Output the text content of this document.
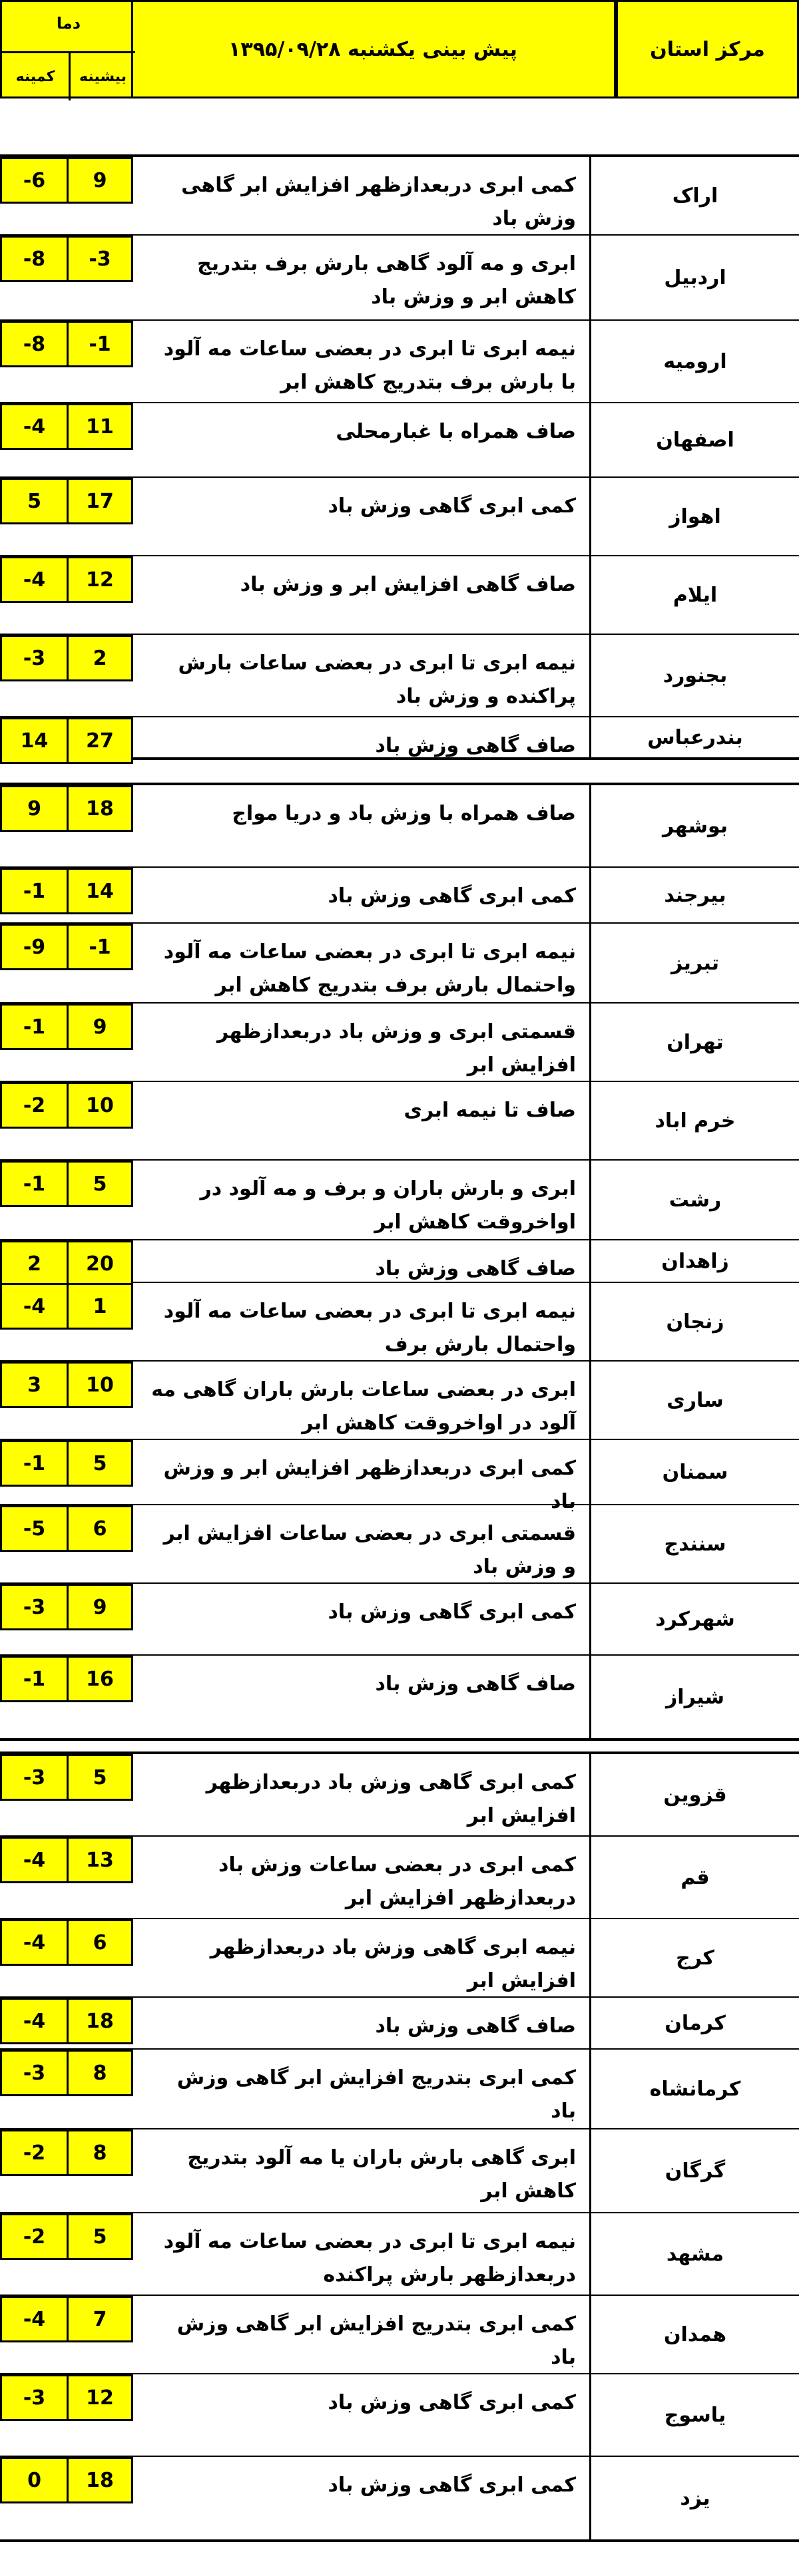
مرکز استان
پیش بینی یکشنبه ۱۳۹۵/۰۹/۲۸
دما
بیشینه
کمینه
اراک
کمی ابری دربعدازظهر افزایش ابر گاهی وزش باد
9
-6
اردبیل
ابری و مه آلود گاهی بارش برف بتدریج کاهش ابر و وزش باد
-3
-8
ارومیه
نیمه ابری تا ابری در بعضی ساعات مه آلود با بارش برف بتدریج کاهش ابر
-1
-8
اصفهان
صاف همراه با غبارمحلی
11
-4
اهواز
کمی ابری گاهی وزش باد
17
5
ایلام
صاف گاهی افزایش ابر و وزش باد
12
-4
بجنورد
نیمه ابری تا ابری در بعضی ساعات بارش پراکنده و وزش باد
2
-3
بندرعباس
صاف گاهی وزش باد
27
14
بوشهر
صاف همراه با وزش باد و دریا مواج
18
9
بیرجند
کمی ابری گاهی وزش باد
14
-1
تبریز
نیمه ابری تا ابری در بعضی ساعات مه آلود واحتمال بارش برف بتدریج کاهش ابر
-1
-9
تهران
قسمتی ابری و وزش باد دربعدازظهر افزایش ابر
9
-1
خرم اباد
صاف تا نیمه ابری
10
-2
رشت
ابری و بارش باران و برف و مه آلود در اواخروقت کاهش ابر
5
-1
زاهدان
صاف گاهی وزش باد
20
2
زنجان
نیمه ابری تا ابری در بعضی ساعات مه آلود واحتمال بارش برف
1
-4
ساری
ابری در بعضی ساعات بارش باران گاهی مه آلود در اواخروقت کاهش ابر
10
3
سمنان
کمی ابری دربعدازظهر افزایش ابر و وزش باد
5
-1
سنندج
قسمتی ابری در بعضی ساعات افزایش ابر و وزش باد
6
-5
شهرکرد
کمی ابری گاهی وزش باد
9
-3
شیراز
صاف گاهی وزش باد
16
-1
قزوین
کمی ابری گاهی وزش باد دربعدازظهر افزایش ابر
5
-3
قم
کمی ابری در بعضی ساعات وزش باد دربعدازظهر افزایش ابر
13
-4
کرج
نیمه ابری گاهی وزش باد دربعدازظهر افزایش ابر
6
-4
کرمان
صاف گاهی وزش باد
18
-4
کرمانشاه
کمی ابری بتدریج افزایش ابر گاهی وزش باد
8
-3
گرگان
ابری گاهی بارش باران یا مه آلود بتدریج کاهش ابر
8
-2
مشهد
نیمه ابری تا ابری در بعضی ساعات مه آلود دربعدازظهر بارش پراکنده
5
-2
همدان
کمی ابری بتدریج افزایش ابر گاهی وزش باد
7
-4
یاسوج
کمی ابری گاهی وزش باد
12
-3
یزد
کمی ابری گاهی وزش باد
18
0
